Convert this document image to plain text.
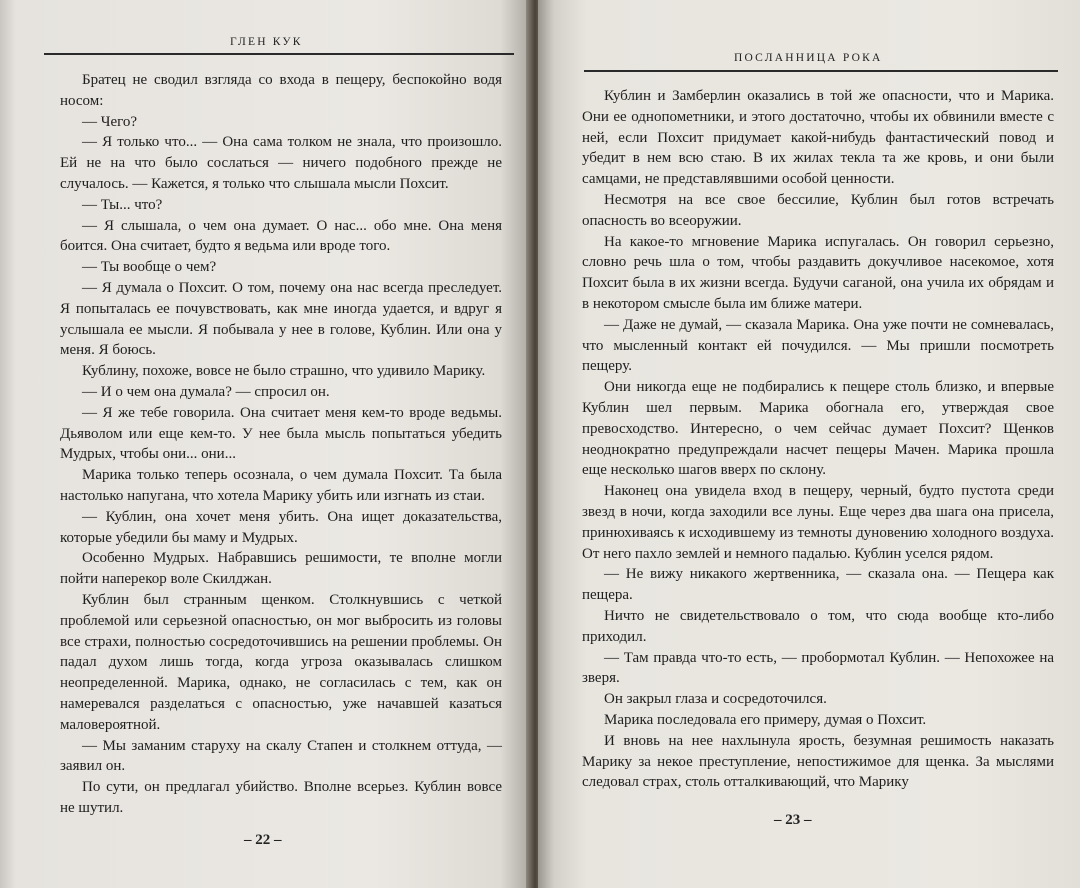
ГЛЕН КУК

Братец не сводил взгляда со входа в пещеру, беспокойно водя носом:

— Чего?

— Я только что... — Она сама толком не знала, что произошло. Ей не на что было сослаться — ничего подобного прежде не случалось. — Кажется, я только что слышала мысли Похсит.

— Ты... что?

— Я слышала, о чем она думает. О нас... обо мне. Она меня боится. Она считает, будто я ведьма или вроде того.

— Ты вообще о чем?

— Я думала о Похсит. О том, почему она нас всегда преследует. Я попыталась ее почувствовать, как мне иногда удается, и вдруг я услышала ее мысли. Я побывала у нее в голове, Кублин. Или она у меня. Я боюсь.

Кублину, похоже, вовсе не было страшно, что удивило Марику.

— И о чем она думала? — спросил он.

— Я же тебе говорила. Она считает меня кем-то вроде ведьмы. Дьяволом или еще кем-то. У нее была мысль попытаться убедить Мудрых, чтобы они... они...

Марика только теперь осознала, о чем думала Похсит. Та была настолько напугана, что хотела Марику убить или изгнать из стаи.

— Кублин, она хочет меня убить. Она ищет доказательства, которые убедили бы маму и Мудрых.

Особенно Мудрых. Набравшись решимости, те вполне могли пойти наперекор воле Скилджан.

Кублин был странным щенком. Столкнувшись с четкой проблемой или серьезной опасностью, он мог выбросить из головы все страхи, полностью сосредоточившись на решении проблемы. Он падал духом лишь тогда, когда угроза оказывалась слишком неопределенной. Марика, однако, не согласилась с тем, как он намеревался разделаться с опасностью, уже начавшей казаться маловероятной.

— Мы заманим старуху на скалу Стапен и столкнем оттуда, — заявил он.

По сути, он предлагал убийство. Вполне всерьез. Кублин вовсе не шутил.

– 22 –
ПОСЛАННИЦА РОКА

Кублин и Замберлин оказались в той же опасности, что и Марика. Они ее однопометники, и этого достаточно, чтобы их обвинили вместе с ней, если Похсит придумает какой-нибудь фантастический повод и убедит в нем всю стаю. В их жилах текла та же кровь, и они были самцами, не представлявшими особой ценности.

Несмотря на все свое бессилие, Кублин был готов встречать опасность во всеоружии.

На какое-то мгновение Марика испугалась. Он говорил серьезно, словно речь шла о том, чтобы раздавить докучливое насекомое, хотя Похсит была в их жизни всегда. Будучи саганой, она учила их обрядам и в некотором смысле была им ближе матери.

— Даже не думай, — сказала Марика. Она уже почти не сомневалась, что мысленный контакт ей почудился. — Мы пришли посмотреть пещеру.

Они никогда еще не подбирались к пещере столь близко, и впервые Кублин шел первым. Марика обогнала его, утверждая свое превосходство. Интересно, о чем сейчас думает Похсит? Щенков неоднократно предупреждали насчет пещеры Мачен. Марика прошла еще несколько шагов вверх по склону.

Наконец она увидела вход в пещеру, черный, будто пустота среди звезд в ночи, когда заходили все луны. Еще через два шага она присела, принюхиваясь к исходившему из темноты дуновению холодного воздуха. От него пахло землей и немного падалью. Кублин уселся рядом.

— Не вижу никакого жертвенника, — сказала она. — Пещера как пещера.

Ничто не свидетельствовало о том, что сюда вообще кто-либо приходил.

— Там правда что-то есть, — пробормотал Кублин. — Непохожее на зверя.

Он закрыл глаза и сосредоточился.

Марика последовала его примеру, думая о Похсит.

И вновь на нее нахлынула ярость, безумная решимость наказать Марику за некое преступление, непостижимое для щенка. За мыслями следовал страх, столь отталкивающий, что Марику

– 23 –
